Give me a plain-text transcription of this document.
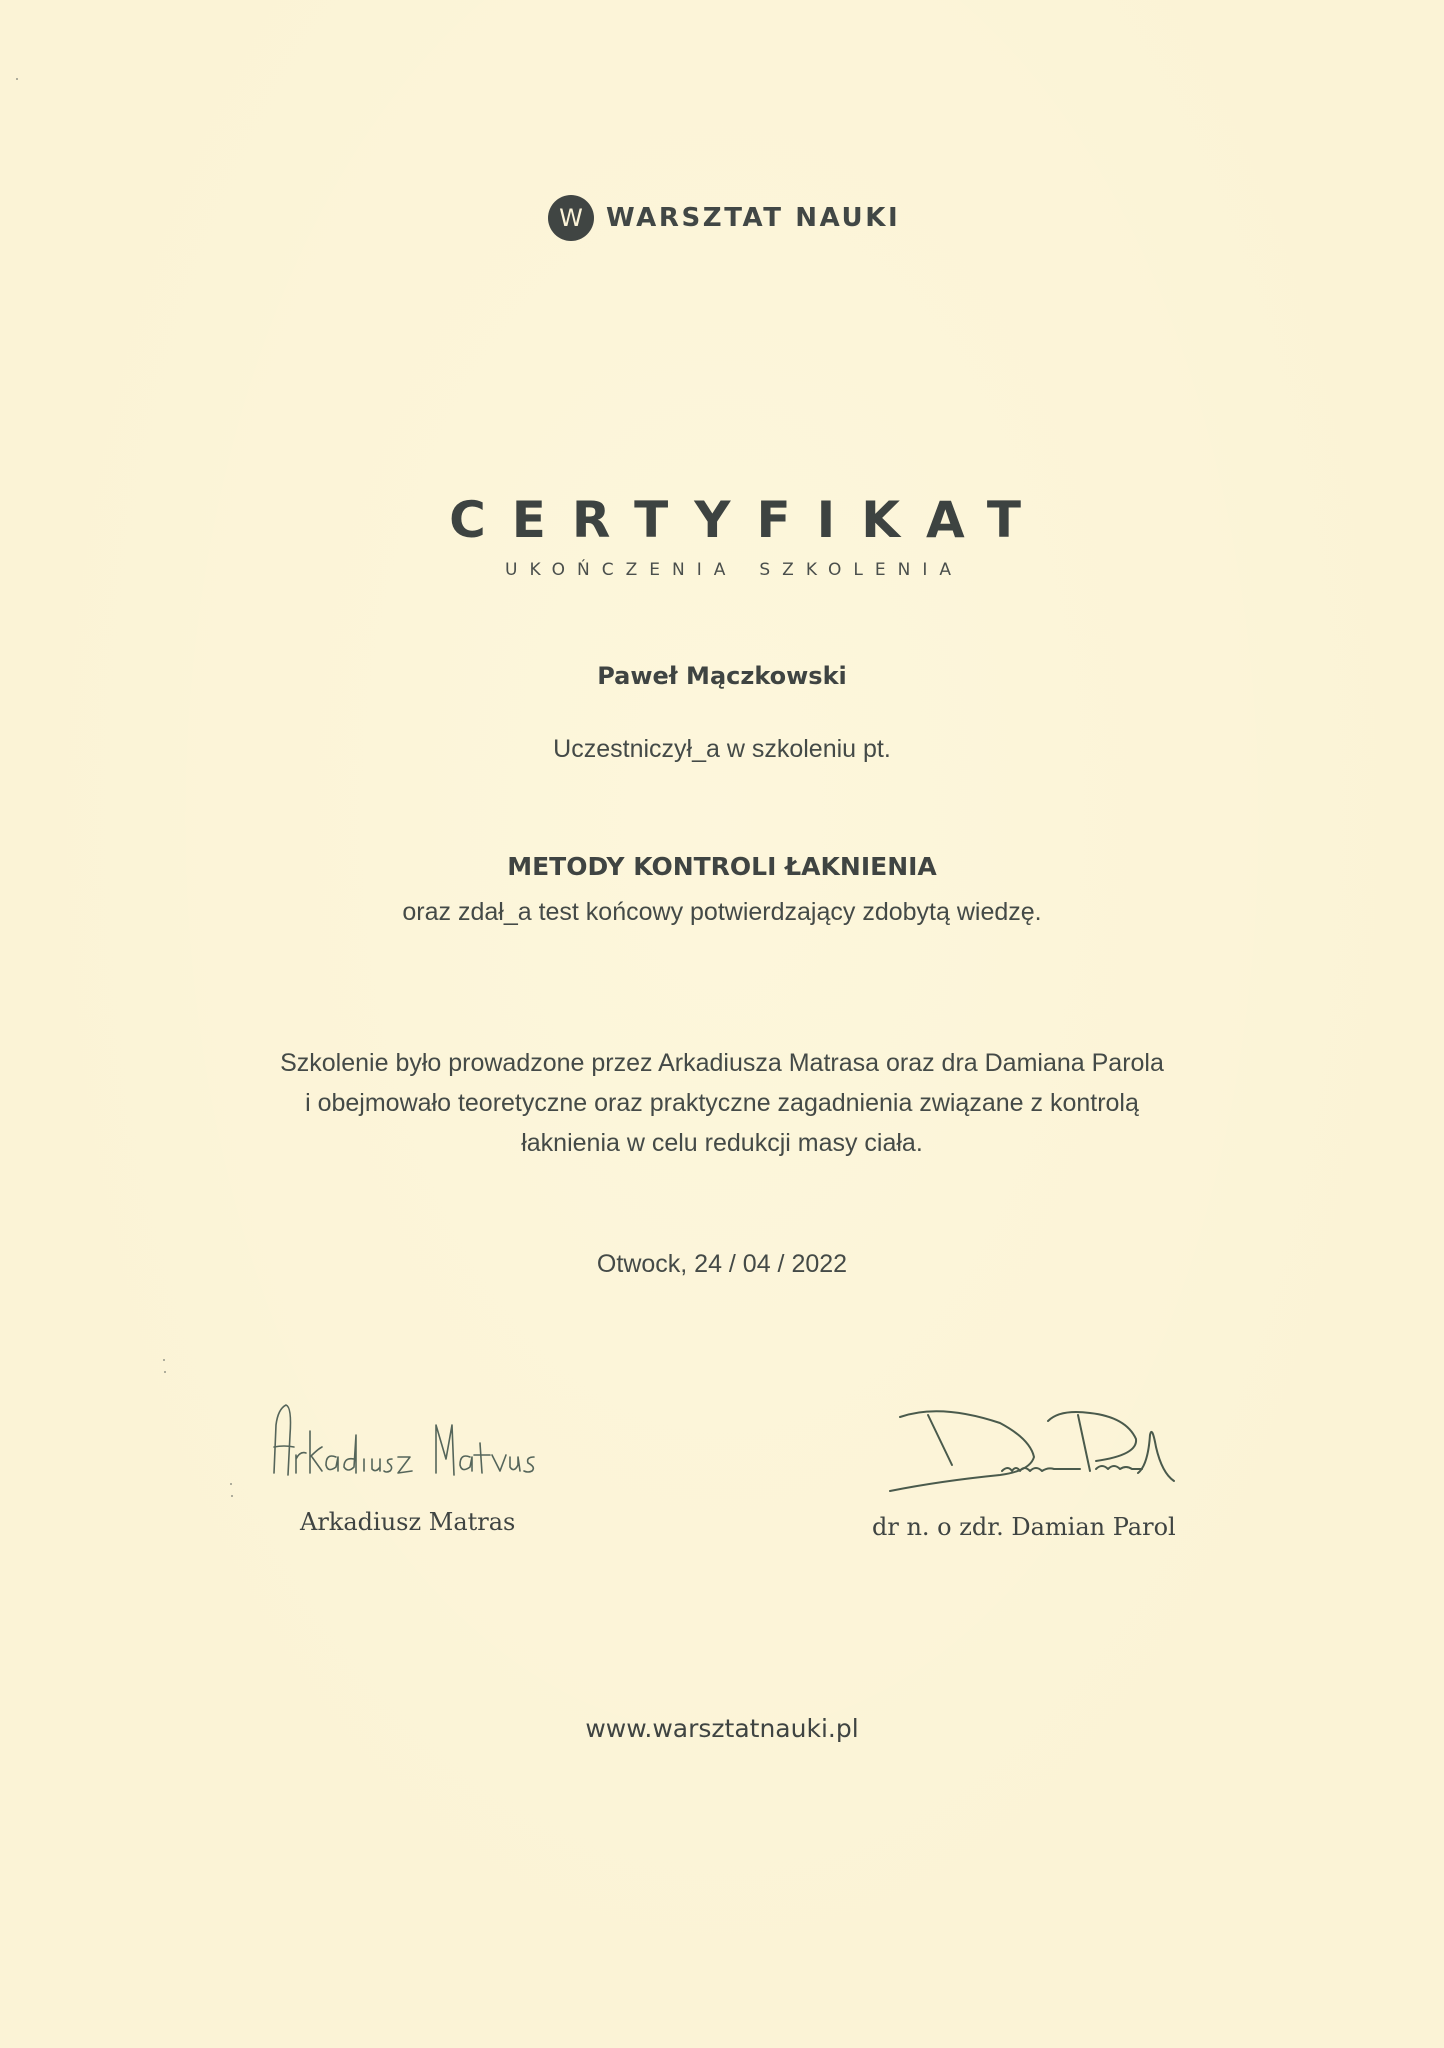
W WARSZTAT NAUKI
CERTYFIKAT
UKOŃCZENIA SZKOLENIA
Paweł Mączkowski
Uczestniczył_a w szkoleniu pt.
METODY KONTROLI ŁAKNIENIA
oraz zdał_a test końcowy potwierdzający zdobytą wiedzę.
Szkolenie było prowadzone przez Arkadiusza Matrasa oraz dra Damiana Parola
i obejmowało teoretyczne oraz praktyczne zagadnienia związane z kontrolą
łaknienia w celu redukcji masy ciała.
Otwock, 24 / 04 / 2022
Arkadiusz Matras	dr n. o zdr. Damian Parol
www.warsztatnauki.pl
